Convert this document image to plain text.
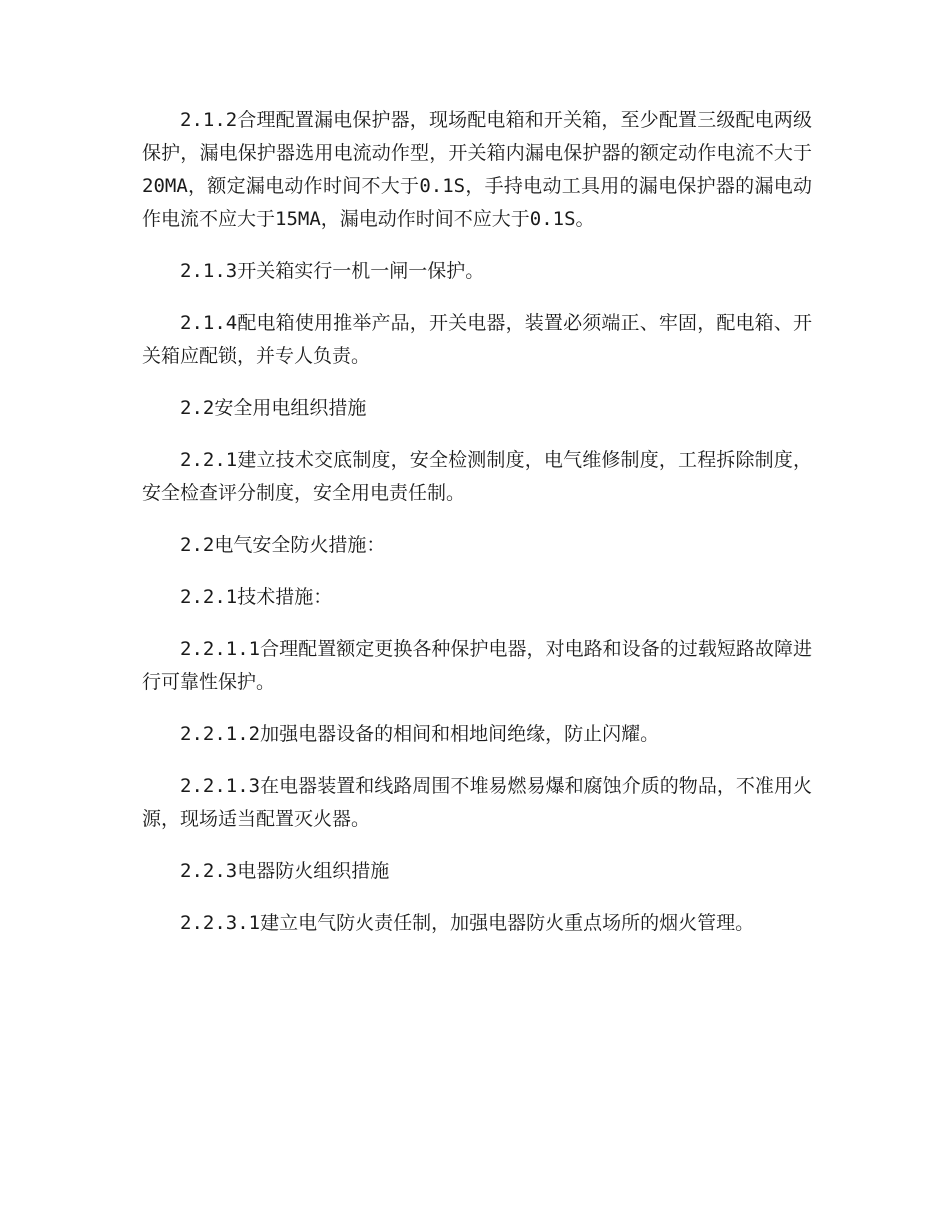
2.1.2合理配置漏电保护器，现场配电箱和开关箱，至少配置三级配电两级保护，漏电保护器选用电流动作型，开关箱内漏电保护器的额定动作电流不大于20MA，额定漏电动作时间不大于0.1S，手持电动工具用的漏电保护器的漏电动作电流不应大于15MA，漏电动作时间不应大于0.1S。

2.1.3开关箱实行一机一闸一保护。

2.1.4配电箱使用推举产品，开关电器，装置必须端正、牢固，配电箱、开关箱应配锁，并专人负责。

2.2安全用电组织措施

2.2.1建立技术交底制度，安全检测制度，电气维修制度，工程拆除制度，安全检查评分制度，安全用电责任制。

2.2电气安全防火措施：

2.2.1技术措施：

2.2.1.1合理配置额定更换各种保护电器，对电路和设备的过载短路故障进行可靠性保护。

2.2.1.2加强电器设备的相间和相地间绝缘，防止闪耀。

2.2.1.3在电器装置和线路周围不堆易燃易爆和腐蚀介质的物品，不准用火源，现场适当配置灭火器。

2.2.3电器防火组织措施

2.2.3.1建立电气防火责任制，加强电器防火重点场所的烟火管理。
